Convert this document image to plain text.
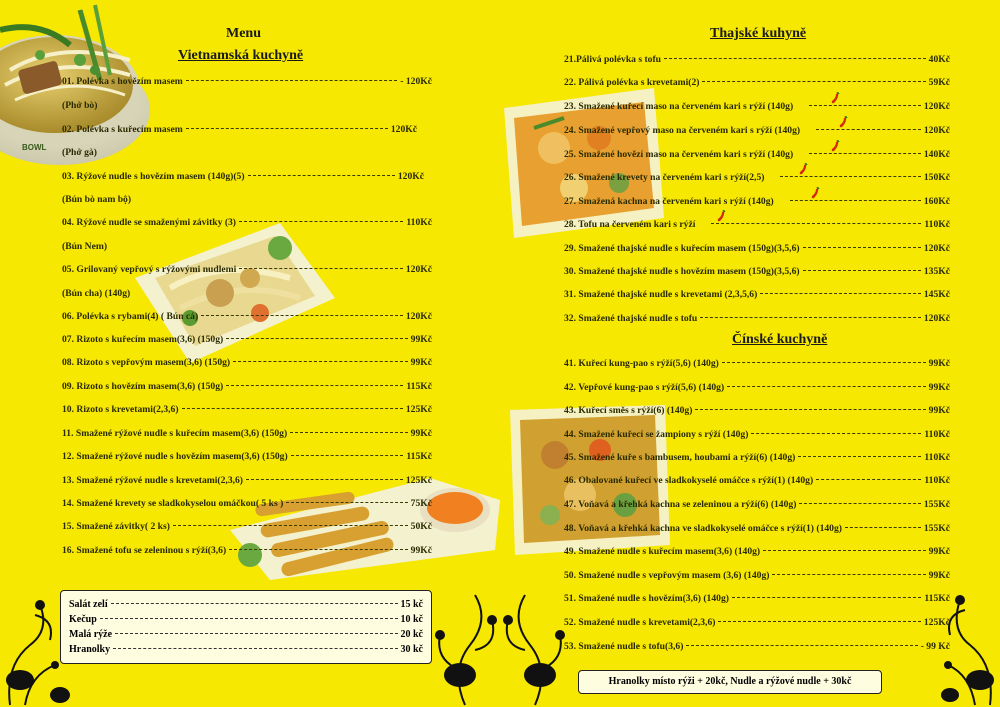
BOWL
Menu
Vietnamská kuchyně
01. Polévka s hovězím masem	- 120Kč
(Phở bò)
02. Polévka s kuřecím masem	120Kč
(Phở gà)
03. Rýžové nudle s hovězím masem (140g)(5)	120Kč
(Bún bò nam bộ)
04. Rýžové nudle se smaženými závitky (3)	110Kč
(Bún Nem)
05. Grilovaný vepřový s rýžovými nudlemi	120Kč
(Bún cha) (140g)
06. Polévka s rybami(4) ( Bún cá)	120Kč
07. Rizoto s kuřecím masem(3,6) (150g)	99Kč
08. Rizoto s vepřovým masem(3,6) (150g)	99Kč
09. Rizoto s hovězím masem(3,6) (150g)	115Kč
10. Rizoto s krevetami(2,3,6)	125Kč
11. Smažené rýžové nudle s kuřecím masem(3,6) (150g)	99Kč
12. Smažené rýžové nudle s hovězím masem(3,6) (150g)	115Kč
13. Smažené rýžové nudle s krevetami(2,3,6)	125Kč
14. Smažené krevety se sladkokyselou omáčkou( 5 ks )	75Kč
15. Smažené závitky( 2 ks)	50Kč
16. Smažené tofu se zeleninou s rýží(3,6)	99Kč
Salát zelí	15 kč
Kečup	10 kč
Malá rýže	20 kč
Hranolky	30 kč
Thajské kuhyně
21.Pálivá polévka s tofu	40Kč
22. Pálivá polévka s krevetami(2)	59Kč
23. Smažené kuřecí maso na červeném kari s rýží (140g)	120Kč
24. Smažené vepřový maso na červeném kari s rýží (140g)	120Kč
25. Smažené hovězí maso na červeném kari s rýží (140g)	140Kč
26. Smažené krevety na červeném kari s rýží(2,5)	150Kč
27. Smažená kachna na červeném kari s rýží (140g)	160Kč
28. Tofu na červeném kari s rýží	110Kč
29. Smažené thajské nudle s kuřecím masem (150g)(3,5,6)	120Kč
30. Smažené thajské nudle s hovězím masem (150g)(3,5,6)	135Kč
31. Smažené thajské nudle s krevetami (2,3,5,6)	145Kč
32. Smažené thajské nudle s tofu	120Kč
Čínské kuchyně
41. Kuřecí kung-pao s rýží(5,6) (140g)	99Kč
42. Vepřové kung-pao s rýží(5,6) (140g)	99Kč
43. Kuřecí směs s rýží(6) (140g)	99Kč
44. Smažené kuřecí se žampiony s rýží (140g)	110Kč
45. Smažené kuře s bambusem, houbami a rýží(6) (140g)	110Kč
46. Obalované kuřecí ve sladkokyselé omáčce s rýží(1) (140g)	110Kč
47. Voňavá a křehká kachna se zeleninou a rýží(6) (140g)	155Kč
48. Voňavá a křehká kachna ve sladkokyselé omáčce s rýží(1) (140g)	155Kč
49. Smažené nudle s kuřecím masem(3,6) (140g)	99Kč
50. Smažené nudle s vepřovým masem (3,6) (140g)	99Kč
51. Smažené nudle s hovězím(3,6) (140g)	115Kč
52. Smažené nudle s krevetami(2,3,6)	125Kč
53. Smažené nudle s tofu(3,6)	- 99 Kč
Hranolky místo rýži + 20kč, Nudle a rýžové nudle + 30kč
